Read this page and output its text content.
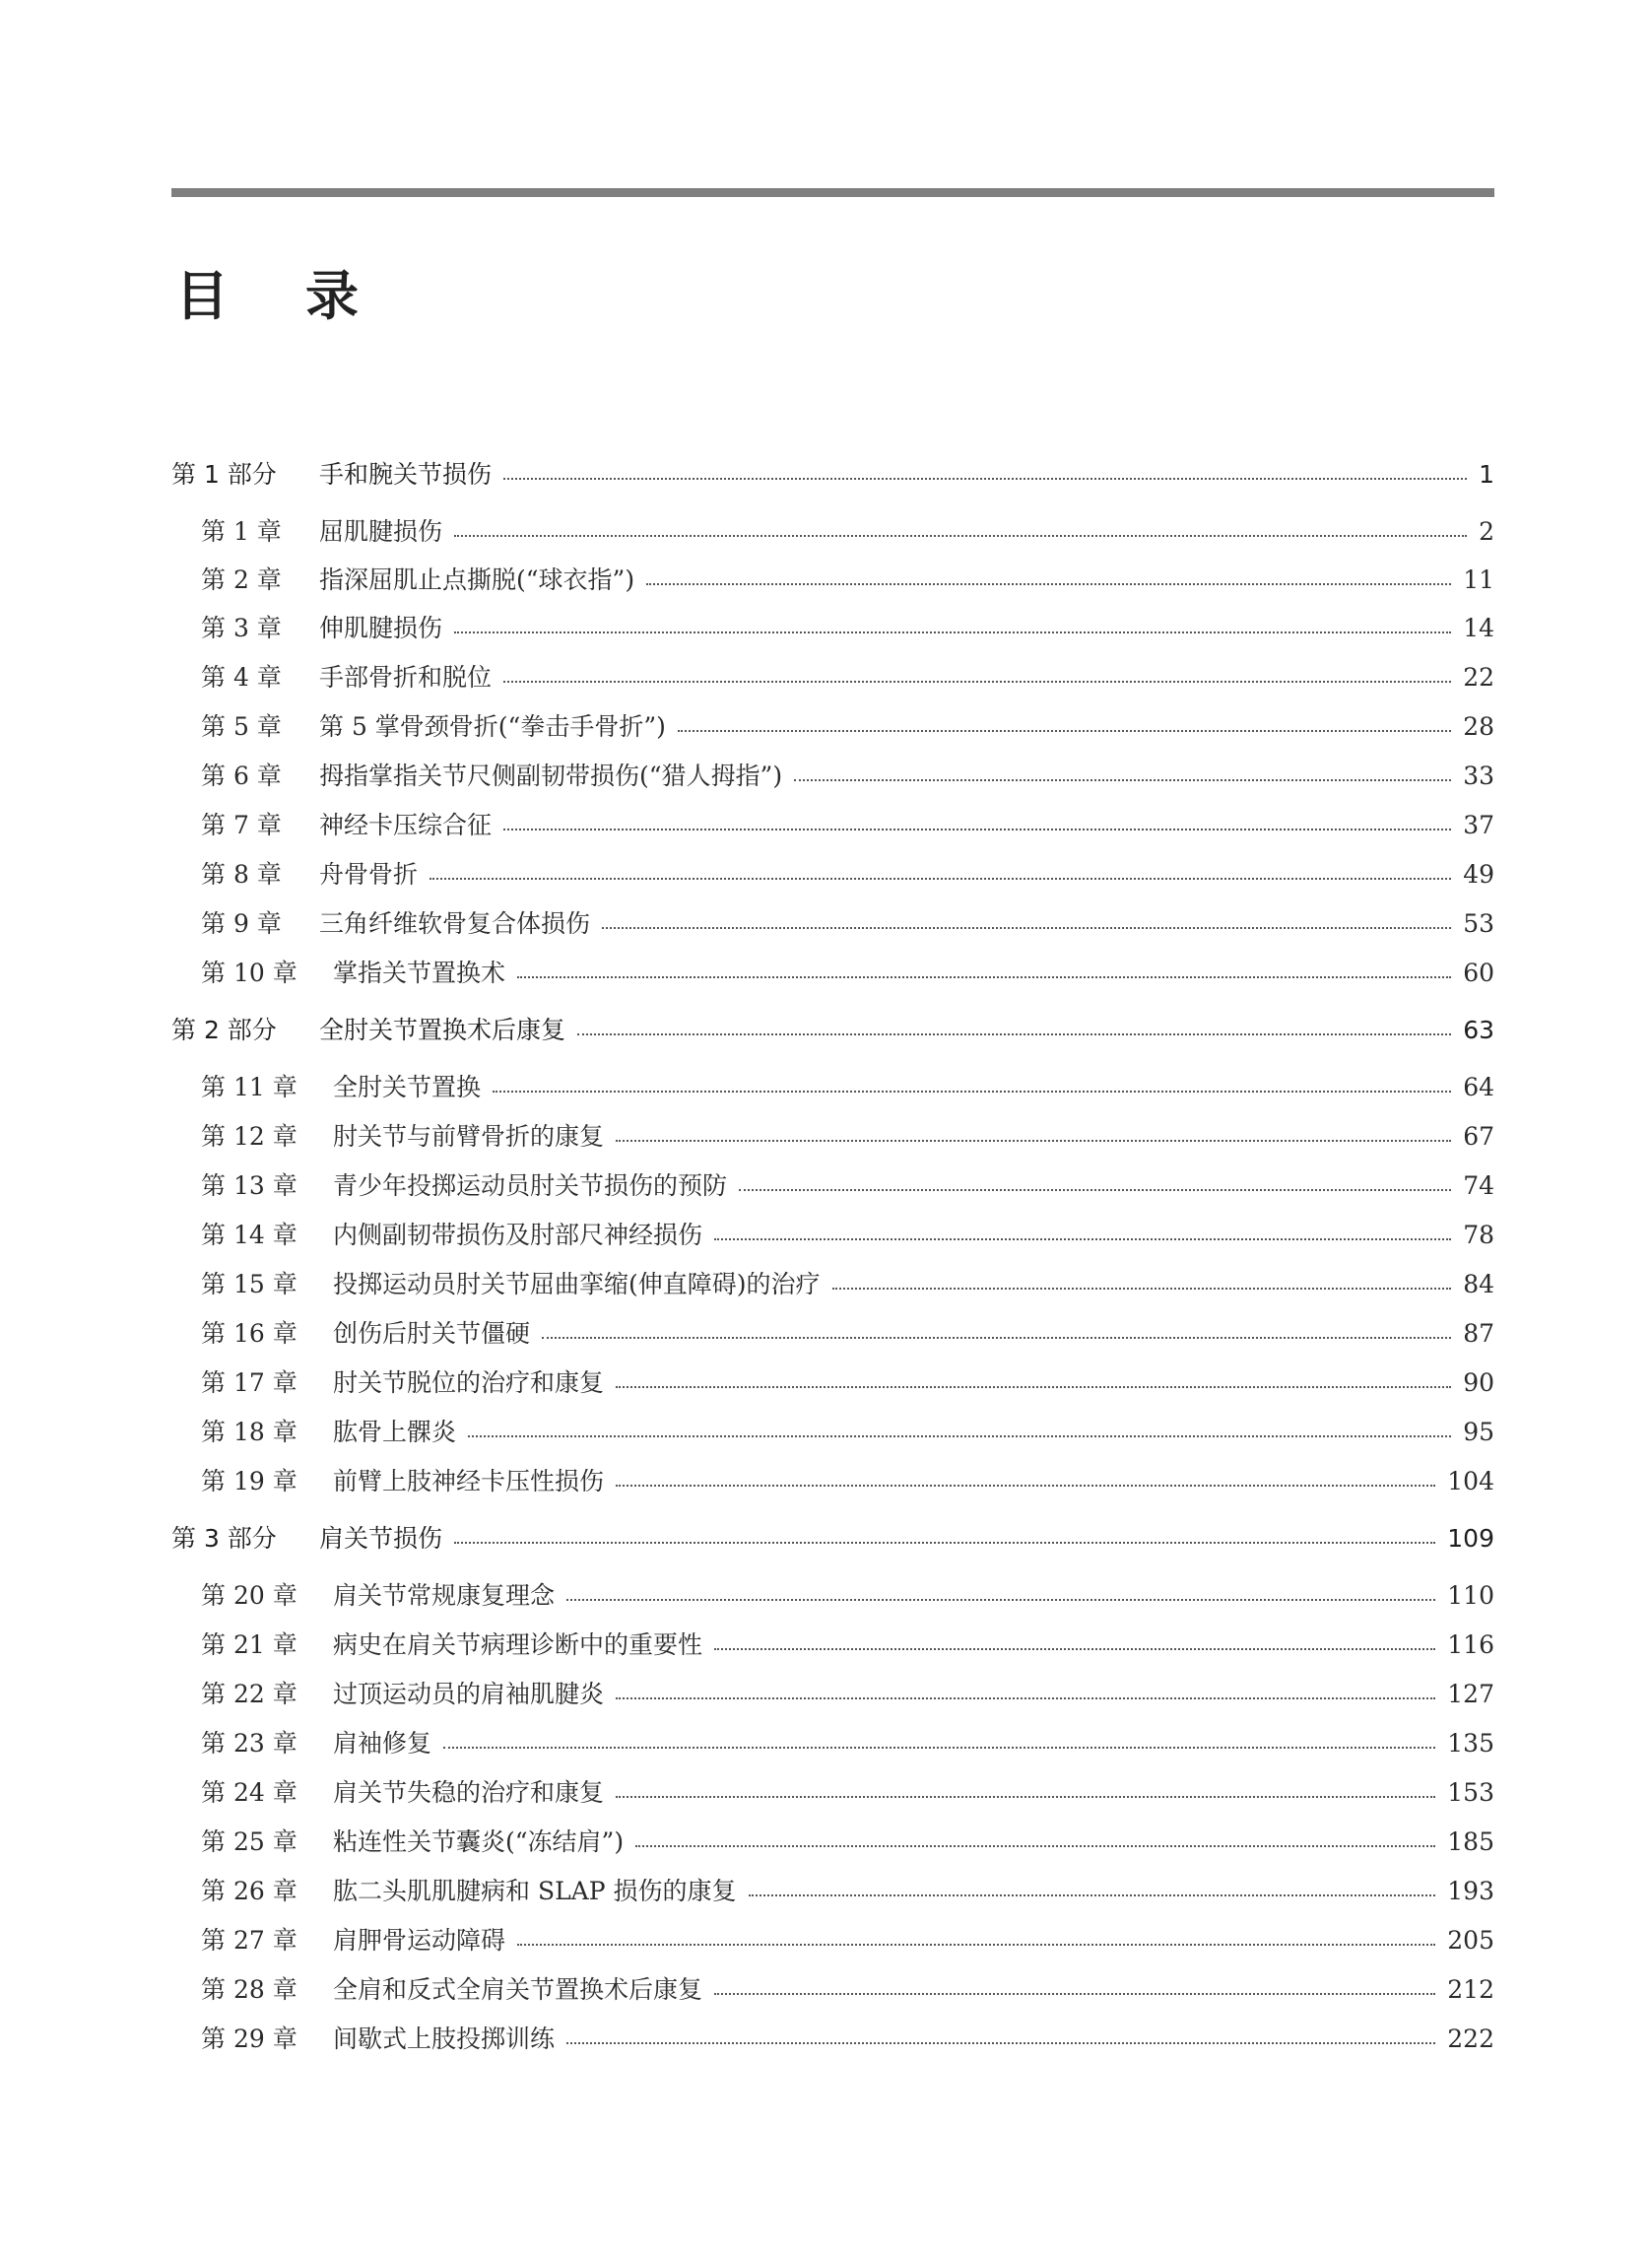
目 录
第 1 部分	手和腕关节损伤	1
第 1 章	屈肌腱损伤	2
第 2 章	指深屈肌止点撕脱(“球衣指”)	11
第 3 章	伸肌腱损伤	14
第 4 章	手部骨折和脱位	22
第 5 章	第 5 掌骨颈骨折(“拳击手骨折”)	28
第 6 章	拇指掌指关节尺侧副韧带损伤(“猎人拇指”)	33
第 7 章	神经卡压综合征	37
第 8 章	舟骨骨折	49
第 9 章	三角纤维软骨复合体损伤	53
第 10 章	掌指关节置换术	60
第 2 部分	全肘关节置换术后康复	63
第 11 章	全肘关节置换	64
第 12 章	肘关节与前臂骨折的康复	67
第 13 章	青少年投掷运动员肘关节损伤的预防	74
第 14 章	内侧副韧带损伤及肘部尺神经损伤	78
第 15 章	投掷运动员肘关节屈曲挛缩(伸直障碍)的治疗	84
第 16 章	创伤后肘关节僵硬	87
第 17 章	肘关节脱位的治疗和康复	90
第 18 章	肱骨上髁炎	95
第 19 章	前臂上肢神经卡压性损伤	104
第 3 部分	肩关节损伤	109
第 20 章	肩关节常规康复理念	110
第 21 章	病史在肩关节病理诊断中的重要性	116
第 22 章	过顶运动员的肩袖肌腱炎	127
第 23 章	肩袖修复	135
第 24 章	肩关节失稳的治疗和康复	153
第 25 章	粘连性关节囊炎(“冻结肩”)	185
第 26 章	肱二头肌肌腱病和 SLAP 损伤的康复	193
第 27 章	肩胛骨运动障碍	205
第 28 章	全肩和反式全肩关节置换术后康复	212
第 29 章	间歇式上肢投掷训练	222
